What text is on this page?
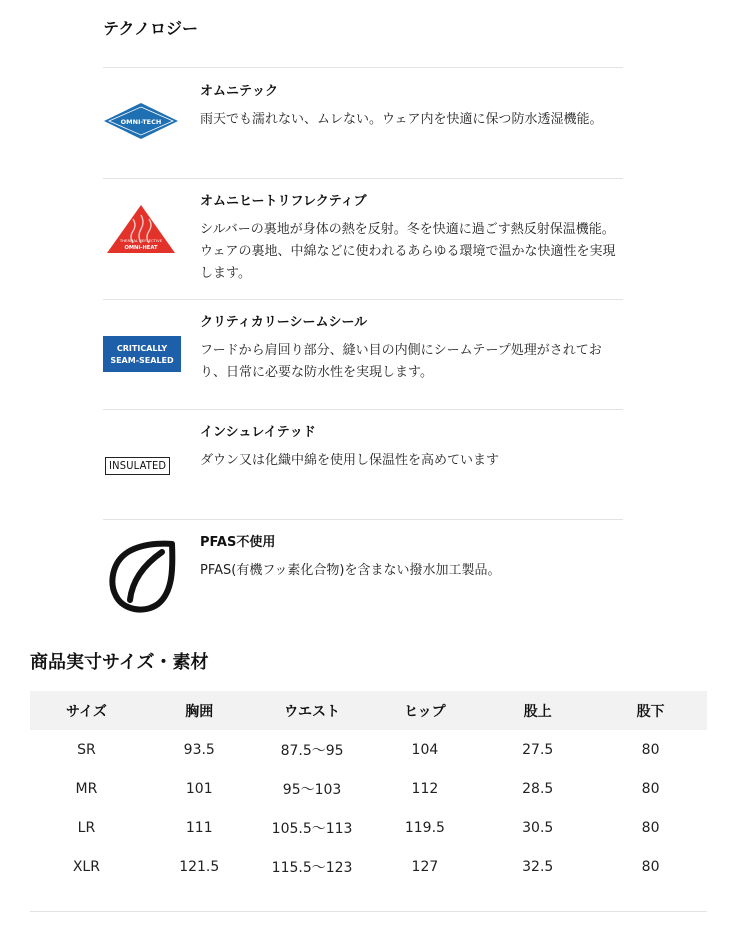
テクノロジー
OMNI-TECH

オムニテック

雨天でも濡れない、ムレない。ウェア内を快適に保つ防水透湿機能。

THERMAL REFLECTIVE
OMNI-HEAT

オムニヒートリフレクティブ

シルバーの裏地が身体の熱を反射。冬を快適に過ごす熱反射保温機能。ウェアの裏地、中綿などに使われるあらゆる環境で温かな快適性を実現します。

CRITICALLY
SEAM-SEALED

クリティカリーシームシール

フードから肩回り部分、縫い目の内側にシームテープ処理がされており、日常に必要な防水性を実現します。

INSULATED

インシュレイテッド

ダウン又は化織中綿を使用し保温性を高めています

PFAS不使用

PFAS(有機フッ素化合物)を含まない撥水加工製品。

商品実寸サイズ・素材
サイズ	胸囲	ウエスト	ヒップ	股上	股下
SR	93.5	87.5～95	104	27.5	80
MR	101	95～103	112	28.5	80
LR	111	105.5～113	119.5	30.5	80
XLR	121.5	115.5～123	127	32.5	80
